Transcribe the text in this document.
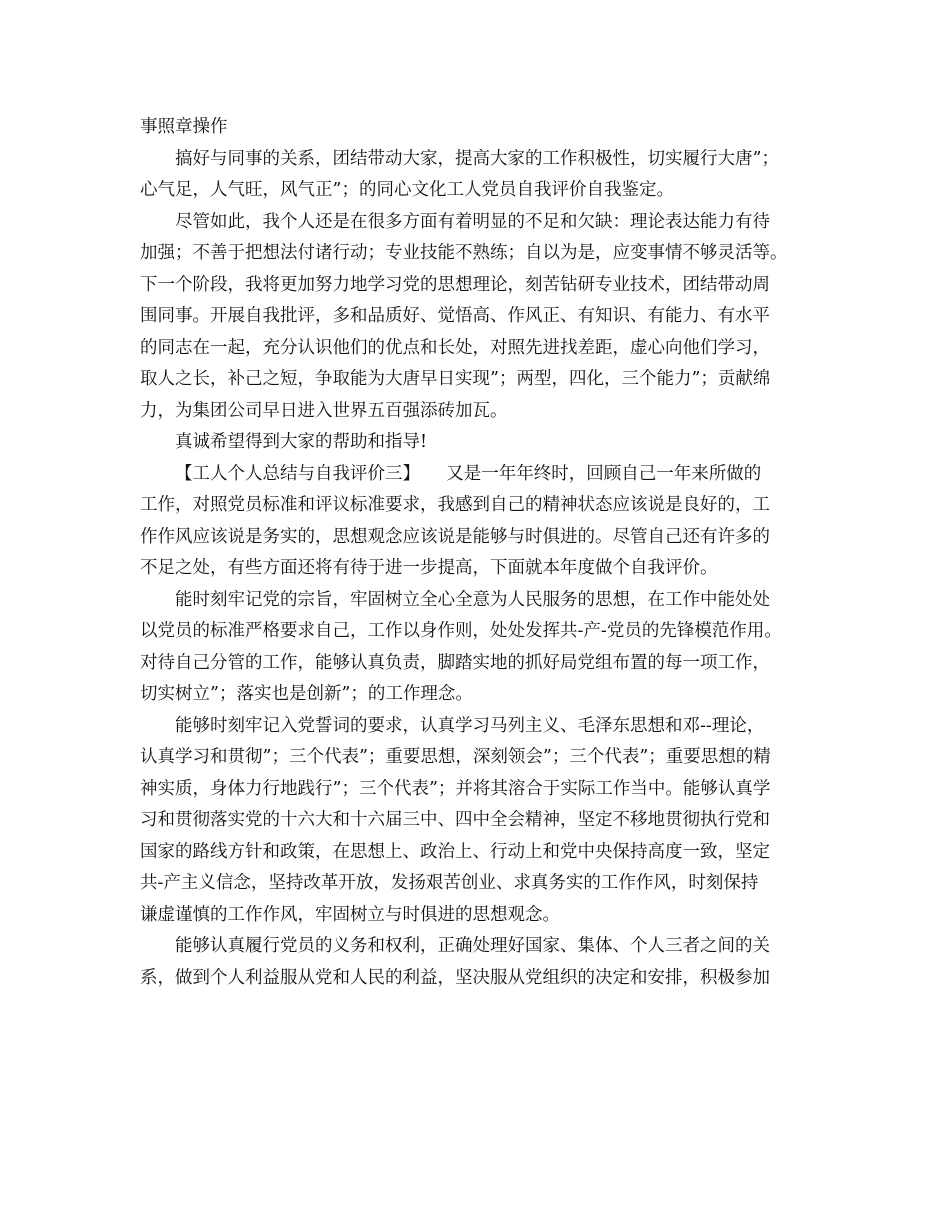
事照章操作
搞好与同事的关系，团结带动大家，提高大家的工作积极性，切实履行大唐”；
心气足，人气旺，风气正”；的同心文化工人党员自我评价自我鉴定。
尽管如此，我个人还是在很多方面有着明显的不足和欠缺：理论表达能力有待
加强；不善于把想法付诸行动；专业技能不熟练；自以为是，应变事情不够灵活等。
下一个阶段，我将更加努力地学习党的思想理论，刻苦钻研专业技术，团结带动周
围同事。开展自我批评，多和品质好、觉悟高、作风正、有知识、有能力、有水平
的同志在一起，充分认识他们的优点和长处，对照先进找差距，虚心向他们学习，
取人之长，补己之短，争取能为大唐早日实现”；两型，四化，三个能力”；贡献绵
力，为集团公司早日进入世界五百强添砖加瓦。
真诚希望得到大家的帮助和指导!
【工人个人总结与自我评价三】　　又是一年年终时，回顾自己一年来所做的
工作，对照党员标准和评议标准要求，我感到自己的精神状态应该说是良好的，工
作作风应该说是务实的，思想观念应该说是能够与时俱进的。尽管自己还有许多的
不足之处，有些方面还将有待于进一步提高，下面就本年度做个自我评价。
能时刻牢记党的宗旨，牢固树立全心全意为人民服务的思想，在工作中能处处
以党员的标准严格要求自己，工作以身作则，处处发挥共-产-党员的先锋模范作用。
对待自己分管的工作，能够认真负责，脚踏实地的抓好局党组布置的每一项工作，
切实树立”；落实也是创新”；的工作理念。
能够时刻牢记入党誓词的要求，认真学习马列主义、毛泽东思想和邓--理论，
认真学习和贯彻”；三个代表”；重要思想，深刻领会”；三个代表”；重要思想的精
神实质，身体力行地践行”；三个代表”；并将其溶合于实际工作当中。能够认真学
习和贯彻落实党的十六大和十六届三中、四中全会精神，坚定不移地贯彻执行党和
国家的路线方针和政策，在思想上、政治上、行动上和党中央保持高度一致，坚定
共-产主义信念，坚持改革开放，发扬艰苦创业、求真务实的工作作风，时刻保持
谦虚谨慎的工作作风，牢固树立与时俱进的思想观念。
能够认真履行党员的义务和权利，正确处理好国家、集体、个人三者之间的关
系，做到个人利益服从党和人民的利益，坚决服从党组织的决定和安排，积极参加
